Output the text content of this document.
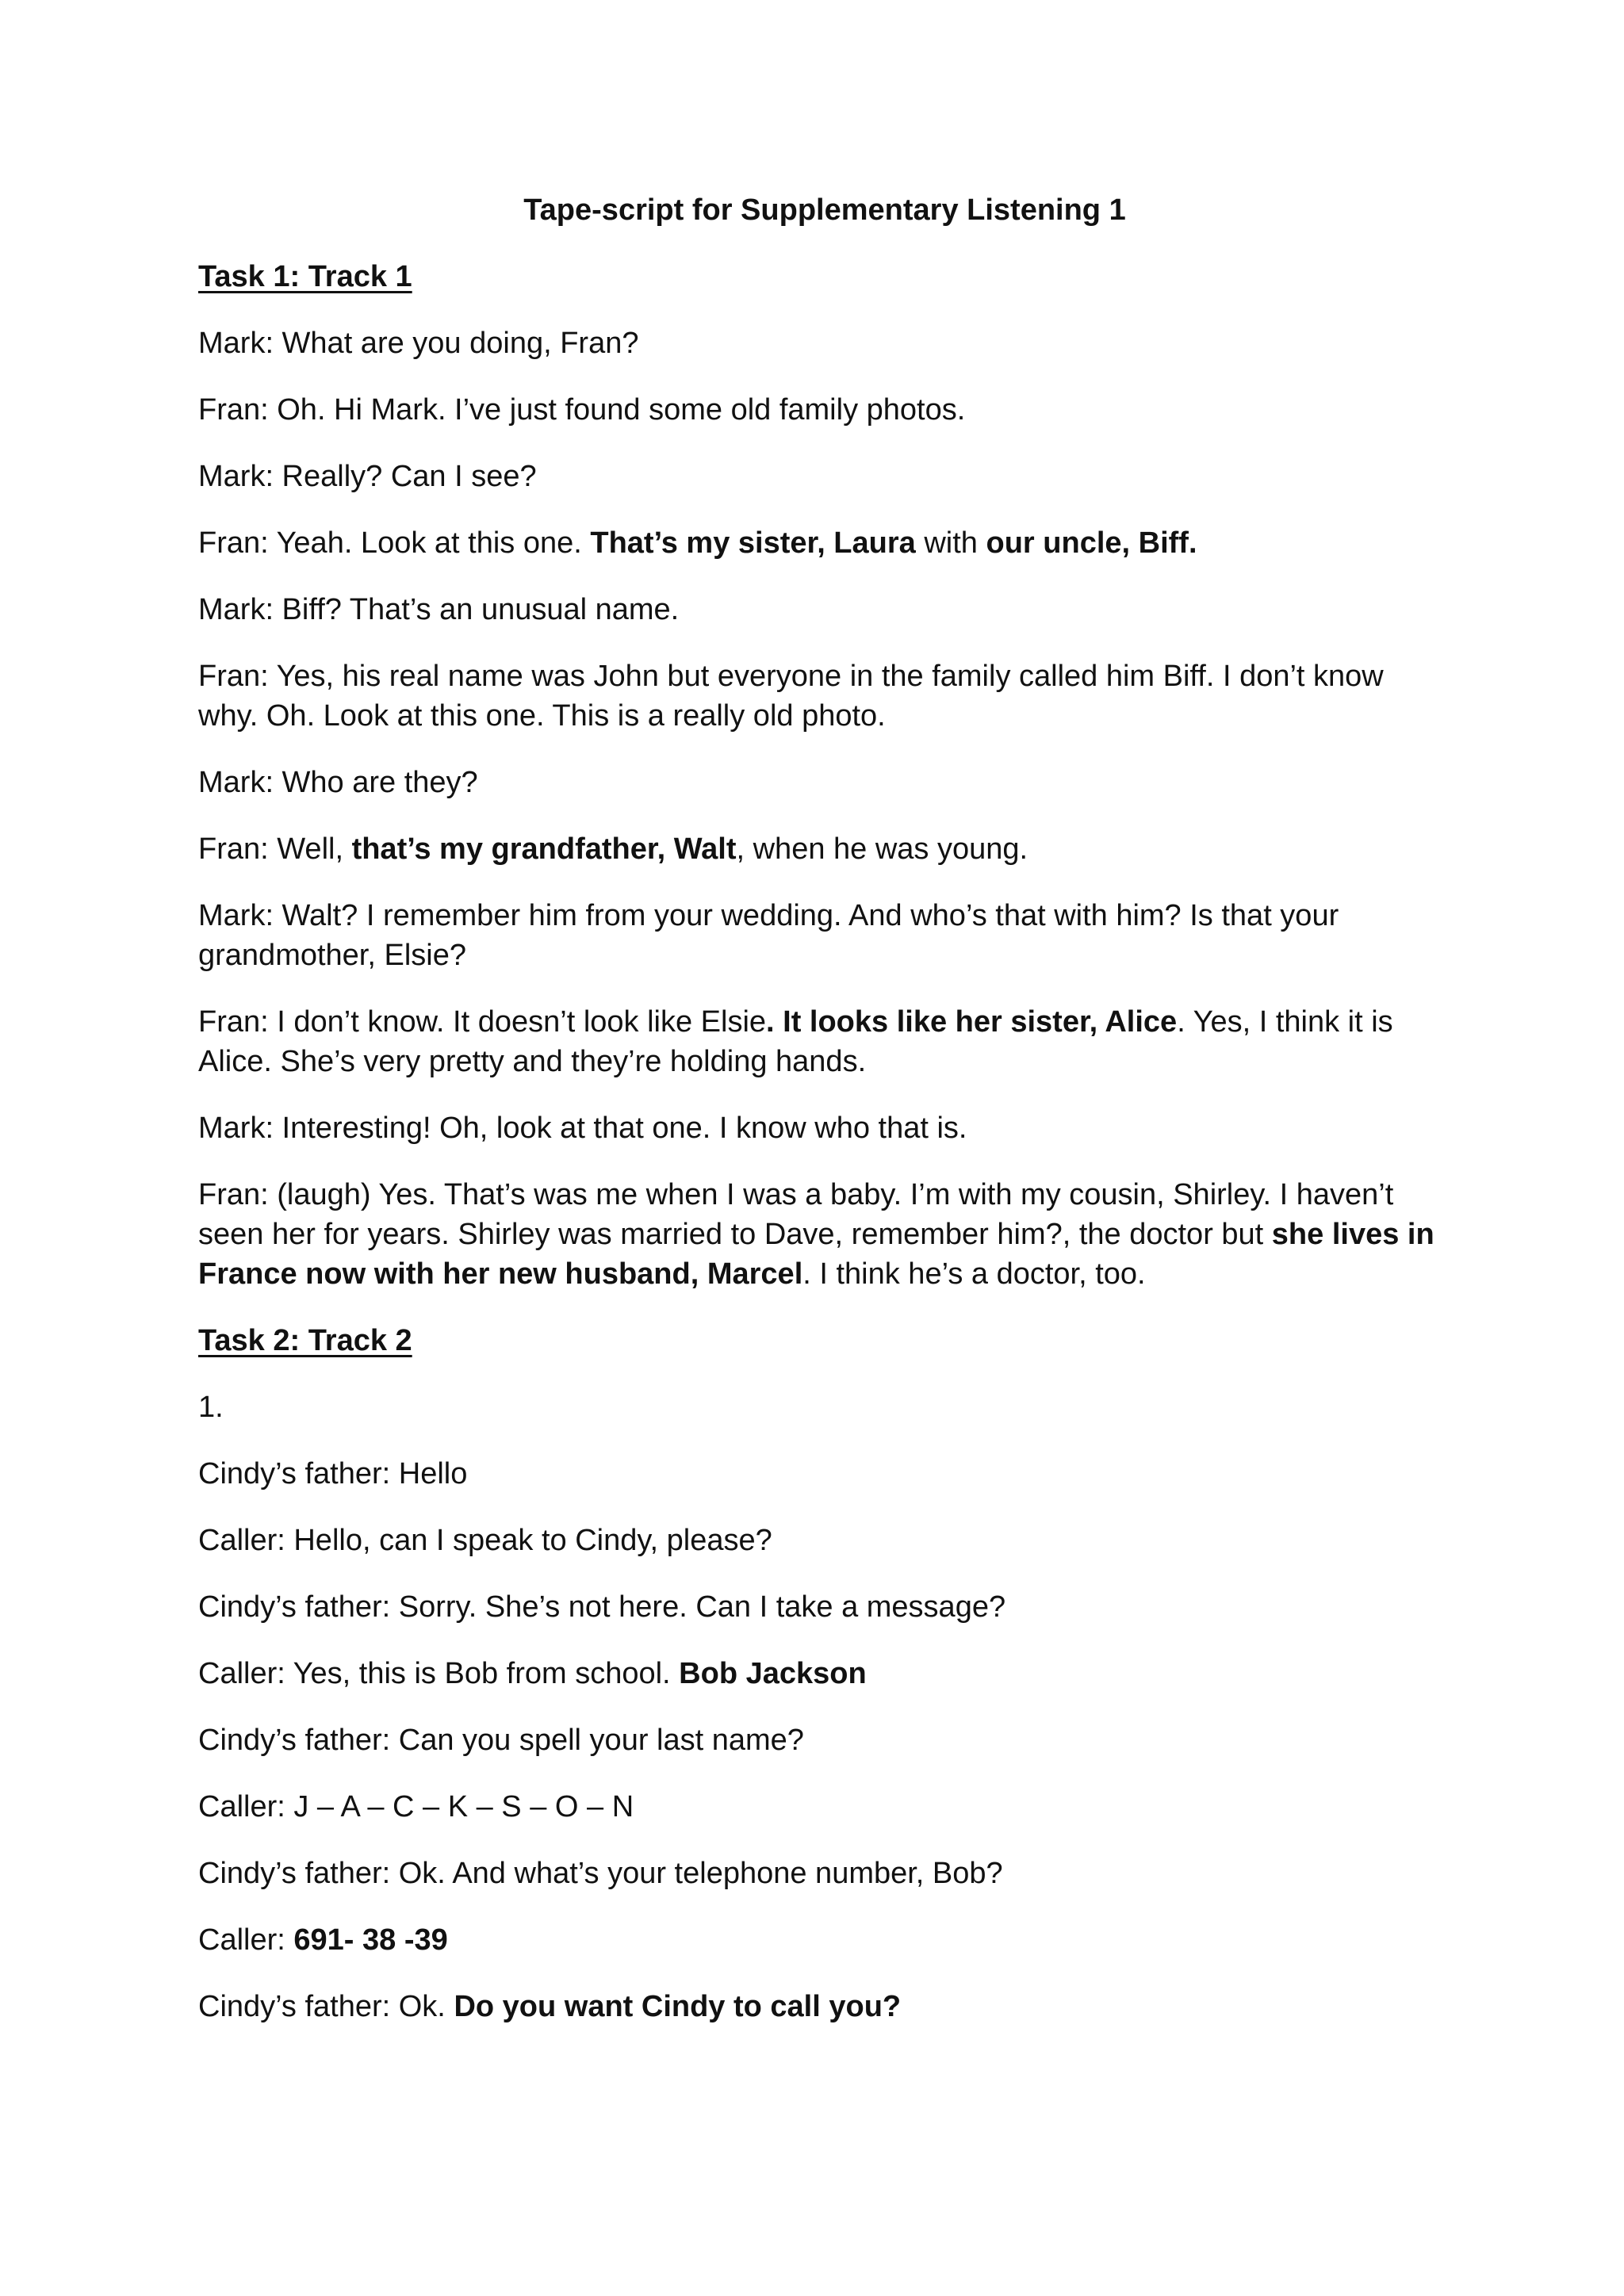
Tape-script for Supplementary Listening 1
Task 1: Track 1
Mark: What are you doing, Fran?
Fran: Oh. Hi Mark. I’ve just found some old family photos.
Mark: Really? Can I see?
Fran: Yeah. Look at this one. That’s my sister, Laura with our uncle, Biff.
Mark: Biff? That’s an unusual name.
Fran: Yes, his real name was John but everyone in the family called him Biff. I don’t know why. Oh. Look at this one. This is a really old photo.
Mark: Who are they?
Fran: Well, that’s my grandfather, Walt, when he was young.
Mark: Walt? I remember him from your wedding. And who’s that with him? Is that your grandmother, Elsie?
Fran: I don’t know. It doesn’t look like Elsie. It looks like her sister, Alice. Yes, I think it is Alice. She’s very pretty and they’re holding hands.
Mark: Interesting! Oh, look at that one. I know who that is.
Fran: (laugh) Yes. That’s was me when I was a baby. I’m with my cousin, Shirley. I haven’t seen her for years. Shirley was married to Dave, remember him?, the doctor but she lives in France now with her new husband, Marcel. I think he’s a doctor, too.
Task 2: Track 2
1.
Cindy’s father: Hello
Caller: Hello, can I speak to Cindy, please?
Cindy’s father: Sorry. She’s not here. Can I take a message?
Caller: Yes, this is Bob from school. Bob Jackson
Cindy’s father: Can you spell your last name?
Caller: J – A – C – K – S – O – N
Cindy’s father: Ok. And what’s your telephone number, Bob?
Caller: 691- 38 -39
Cindy’s father: Ok. Do you want Cindy to call you?
